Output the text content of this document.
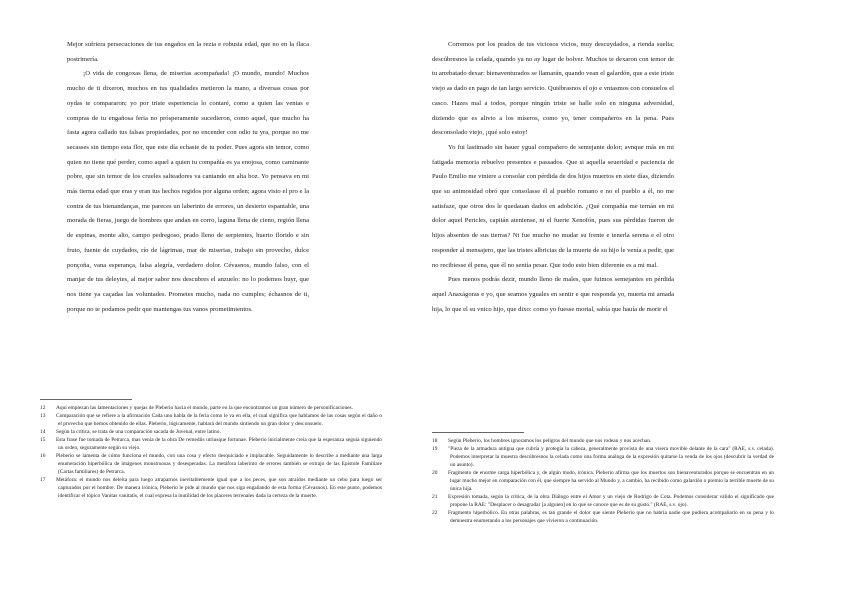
Mejor sufriera persecuciones de tus engaños en la rezia e robusta edad, que no en la flaca postrimería.

¡O vida de congoxas llena, de miserias acompañada! ¡O mundo, mundo! Muchos mucho de ti dixeron, muchos en tus qualidades metieron la mano, a diversas cosas por oydas te compararon; yo por triste esperiencia lo contaré, como a quien las ventas e compras de tu engañosa feria no prósperamente sucedieron, como aquel, que mucho ha fasta agora callado tus falsas propiedades, por no encender con odio tu yra, porque no me secasses sin tiempo esta flor, que este día echaste de tu poder. Pues agora sin temor, como quien no tiene qué perder, como aquel a quien tu compañía es ya enojosa, como caminante pobre, que sin temor de los crueles salteadores va cantando en alta boz. Yo pensava en mi más tierna edad que eras y eran tus hechos regidos por alguna orden; agora visto el pro e la contra de tus bienandanças, me pareces un laberinto de errores, un desierto espantable, una morada de fieras, juego de hombres que andan en corro, laguna llena de cieno, región llena de espinas, monte alto, campo pedregoso, prado lleno de serpientes, huerto florido e sin fruto, fuente de cuydados, río de lágrimas, mar de miserias, trabajo sin provecho, dulce ponçoña, vana esperança, falsa alegría, verdadero dolor. Cévasnos, mundo falso, con el manjar de tus deleytes, al mejor sabor nos descubres el anzuelo: no lo podemos huyr, que nos tiene ya caçadas las voluntades. Prometes mucho, nada no cumples; échasnos de ti, porque no te podamos pedir que mantengas tus vanos prometimientos.

Corremos por los prados de tus viciosos vicios, muy descuydados, a rienda suelta; descúbresnos la celada, quando ya no ay lugar de bolver. Muchos te dexaron con temor de tu arrebatado dexar: bienaventurados se llamarán, quando vean el galardón, que a este triste viejo as dado en pago de tan largo servicio. Quiébrasnos el ojo e vntasmos con consuelos el casco. Hazes mal a todos, porque ningún triste se halle solo en ninguna adversidad, diziendo que es alivio a los míseros, como yo, tener compañeros en la pena. Pues desconsolado viejo, ¡qué solo estoy!

Yo fui lastimado sin hauer ygual compañero de semejante dolor; avnque más en mi fatigada memoria rebuelvo presentes e passados. Que si aquella seueridad e paciencia de Paulo Emilio me viniere a consolar con pérdida de dos hijos muertos en siete días, diziendo que su animosidad obró que consolasse él al pueblo romano e no el pueblo a él, no me satisfaze, que otros dos le quedauan dados en adobción. ¿Qué compañía me ternán en mi dolor aquel Pericles, capitán ateniense, ni el fuerte Xenofón, pues sus pérdidas fueron de hijos absentes de sus tierras? Ni fue mucho no mudar su frente e tenerla serena e el otro responder al mensajero, que las tristes albricias de la muerte de su hijo le venía a pedir, que no recibiesse él pena, que él no sentía pesar. Que todo esto bien diferente es a mi mal.

Pues menos podrás dezir, mundo lleno de males, que fuimos semejantes en pérdida aquel Anaxágoras e yo, que seamos yguales en sentir e que responda yo, muerta mi amada hija, lo que el su vnico hijo, que dixo: como yo fuesse mortal, sabía que hauía de morir el

12 Aquí empiezan las lamentaciones y quejas de Pleberio hacia el mundo, parte en la que encontramos un gran número de personificaciones.

13 Comparación que se refiere a la afirmación Cada uno habla de la feria como le va en ella, el cual significa que hablamos de las cosas según el daño o el provecho que hemos obtenido de ellas. Pleberio, lógicamente, hablará del mundo sintiendo un gran dolor y desconsuelo.

14 Según la crítica, se trata de una comparación sacada de Juvenal, entre latino.

15 Esta frase fue tomada de Petrarca, mas venía de la obra De remediis utriusque fortunae. Pleberio inicialmente creía que la esperanza seguía siguiendo un orden, seguramente según su viejo.

16 Pleberio se lamenta de cómo funciona el mundo, con una cosa y efecto desquiciado e implacable. Seguidamente lo describe a mediante una larga enumeración hiperbólica de imágenes monstruosas y desesperadas. La metáfora laberinto de errores también se extrajo de las Epistole Familiare (Cartas familiares) de Petrarca.

17 Metáfora: el mundo nos deleita para luego atraparnos inevitablemente igual que a los peces, que son atraídos mediante un cebo para luego ser capturados por el hombre. De manera irónica, Pleberio le pide al mundo que nos siga engañando de esta forma (Cévasnos). En este punto, podemos identificar el tópico Vanitas vanitatis, el cual expresa la inutilidad de los placeres terrenales dada la certeza de la muerte.

18 Según Pleberio, los hombres ignoramos los peligros del mundo que nos rodean y nos acechan.

19 "Pieza de la armadura antigua que cubría y protegía la cabeza, generalmente provista de una visera movible delante de la cara" (RAE, s.v. celada). Podemos interpretar la muestra descúbresnos la celada como una forma análoga de la expresión quitarse la venda de los ojos (descubrir la verdad de un asunto).

20 Fragmento de enorme carga hiperbólica y, de algún modo, irónica. Pleberio afirma que los muertos son bienaventurados porque se encuentran en un lugar mucho mejor en comparación con él, que siempre ha servido al Mundo y, a cambio, ha recibido como galardón o premio la terrible muerte de su única hija.

21 Expresión tomada, según la crítica, de la obra Diálogo entre el Amor y un viejo de Rodrigo de Cota. Podemos considerar válido el significado que propone la RAE: "Desplacer o desagradar [a alguien] en lo que se conoce que es de su gusto." (RAE, s.v. ojo).

22 Fragmento hiperbólico. En otras palabras, es tan grande el dolor que siente Pleberio que no habría nadie que pudiera acompañarlo en su pena y lo demuestra enumerando a los personajes que vivieron a continuación.
